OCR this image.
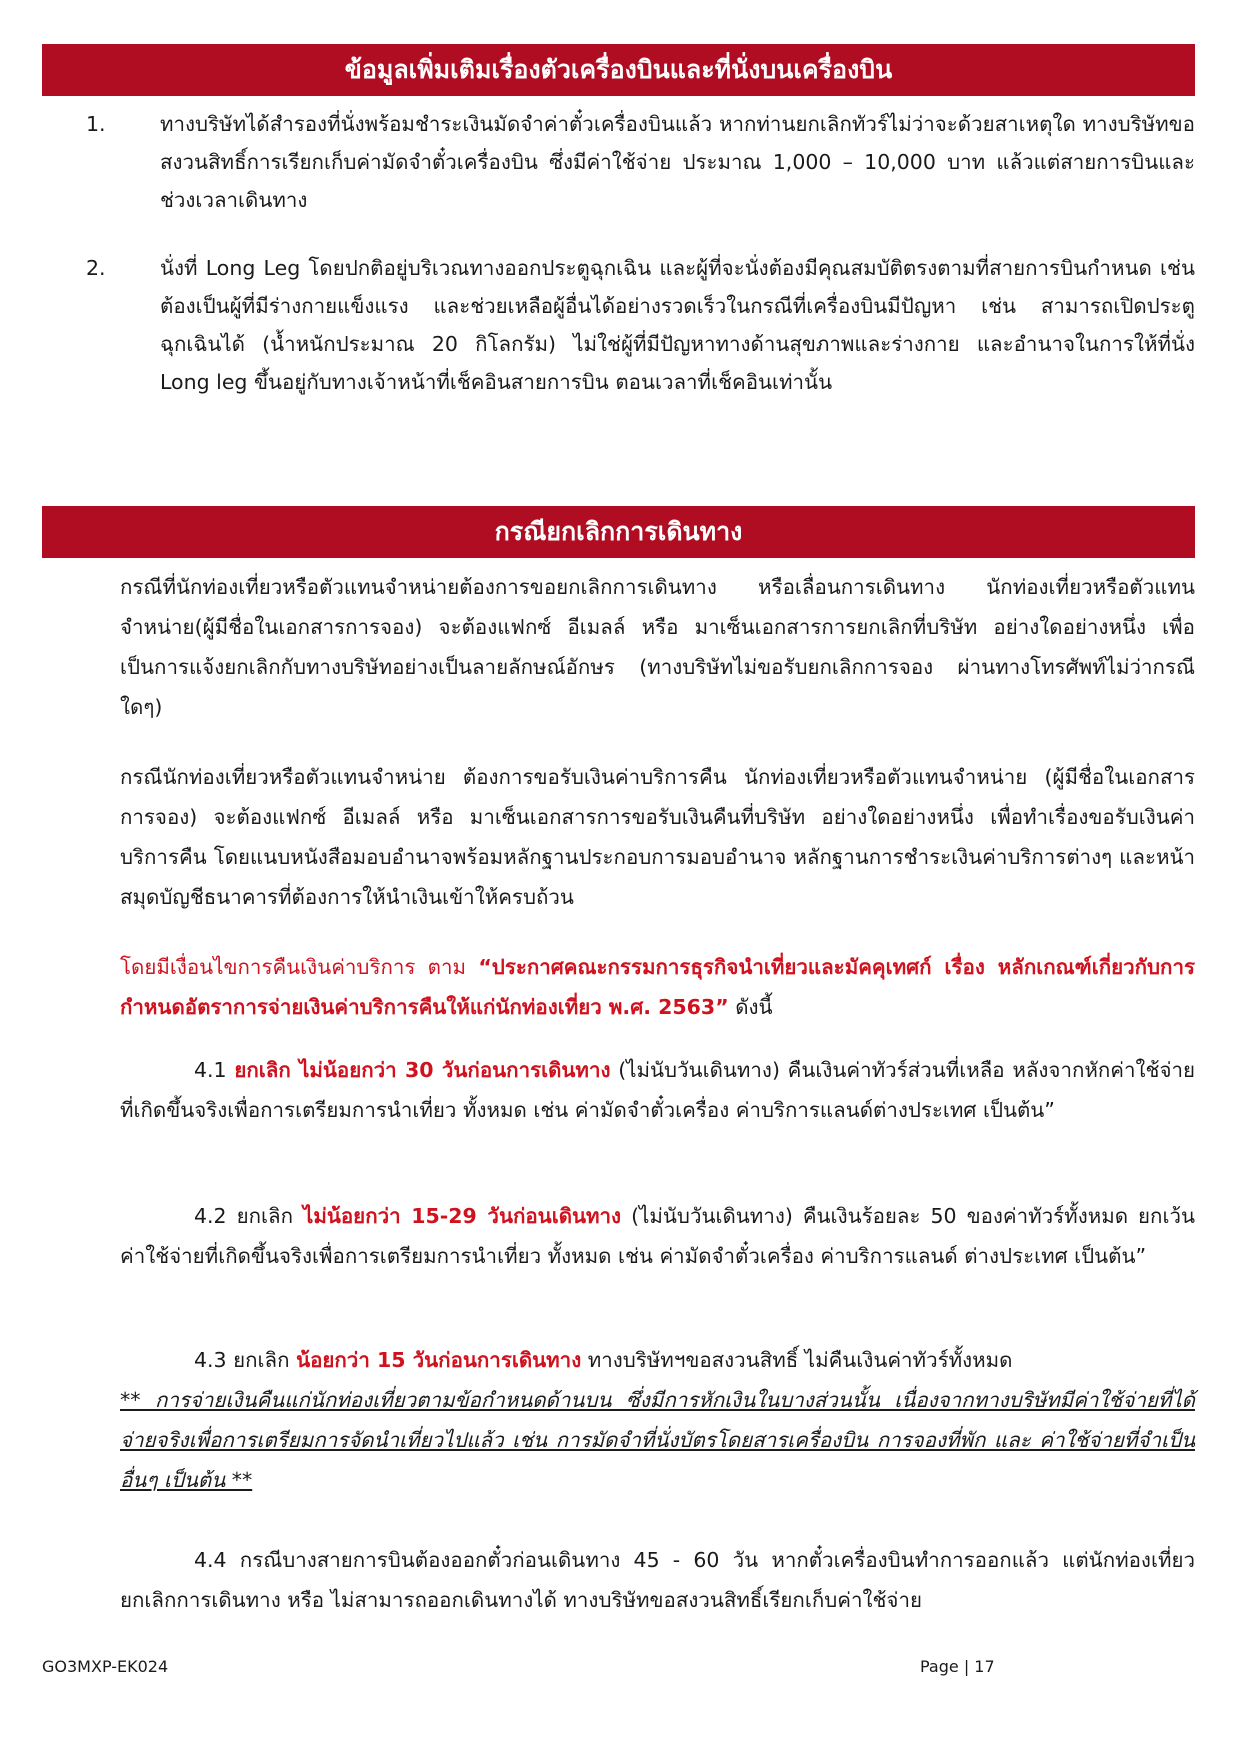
ข้อมูลเพิ่มเติมเรื่องตัวเครื่องบินและที่นั่งบนเครื่องบิน
1.	ทางบริษัทได้สำรองที่นั่งพร้อมชำระเงินมัดจำค่าตั๋วเครื่องบินแล้ว หากท่านยกเลิกทัวร์ไม่ว่าจะด้วยสาเหตุใด ทางบริษัทขอสงวนสิทธิ์การเรียกเก็บค่ามัดจำตั๋วเครื่องบิน ซึ่งมีค่าใช้จ่าย ประมาณ 1,000 – 10,000 บาท แล้วแต่สายการบินและช่วงเวลาเดินทาง
2.	นั่งที่ Long Leg โดยปกติอยู่บริเวณทางออกประตูฉุกเฉิน และผู้ที่จะนั่งต้องมีคุณสมบัติตรงตามที่สายการบินกำหนด เช่น ต้องเป็นผู้ที่มีร่างกายแข็งแรง และช่วยเหลือผู้อื่นได้อย่างรวดเร็วในกรณีที่เครื่องบินมีปัญหา เช่น สามารถเปิดประตูฉุกเฉินได้ (น้ำหนักประมาณ 20 กิโลกรัม) ไม่ใช่ผู้ที่มีปัญหาทางด้านสุขภาพและร่างกาย และอำนาจในการให้ที่นั่ง Long leg ขึ้นอยู่กับทางเจ้าหน้าที่เช็คอินสายการบิน ตอนเวลาที่เช็คอินเท่านั้น
กรณียกเลิกการเดินทาง
กรณีที่นักท่องเที่ยวหรือตัวแทนจำหน่ายต้องการขอยกเลิกการเดินทาง หรือเลื่อนการเดินทาง นักท่องเที่ยวหรือตัวแทนจำหน่าย(ผู้มีชื่อในเอกสารการจอง) จะต้องแฟกซ์ อีเมลล์ หรือ มาเซ็นเอกสารการยกเลิกที่บริษัท อย่างใดอย่างหนึ่ง เพื่อเป็นการแจ้งยกเลิกกับทางบริษัทอย่างเป็นลายลักษณ์อักษร (ทางบริษัทไม่ขอรับยกเลิกการจอง ผ่านทางโทรศัพท์ไม่ว่ากรณีใดๆ)
กรณีนักท่องเที่ยวหรือตัวแทนจำหน่าย ต้องการขอรับเงินค่าบริการคืน นักท่องเที่ยวหรือตัวแทนจำหน่าย (ผู้มีชื่อในเอกสารการจอง) จะต้องแฟกซ์ อีเมลล์ หรือ มาเซ็นเอกสารการขอรับเงินคืนที่บริษัท อย่างใดอย่างหนึ่ง เพื่อทำเรื่องขอรับเงินค่าบริการคืน โดยแนบหนังสือมอบอำนาจพร้อมหลักฐานประกอบการมอบอำนาจ หลักฐานการชำระเงินค่าบริการต่างๆ และหน้าสมุดบัญชีธนาคารที่ต้องการให้นำเงินเข้าให้ครบถ้วน
โดยมีเงื่อนไขการคืนเงินค่าบริการ ตาม “ประกาศคณะกรรมการธุรกิจนำเที่ยวและมัคคุเทศก์ เรื่อง หลักเกณฑ์เกี่ยวกับการกำหนดอัตราการจ่ายเงินค่าบริการคืนให้แก่นักท่องเที่ยว พ.ศ. 2563” ดังนี้
4.1 ยกเลิก ไม่น้อยกว่า 30 วันก่อนการเดินทาง (ไม่นับวันเดินทาง) คืนเงินค่าทัวร์ส่วนที่เหลือ หลังจากหักค่าใช้จ่ายที่เกิดขึ้นจริงเพื่อการเตรียมการนำเที่ยว ทั้งหมด เช่น ค่ามัดจำตั๋วเครื่อง ค่าบริการแลนด์ต่างประเทศ เป็นต้น”
4.2 ยกเลิก ไม่น้อยกว่า 15-29 วันก่อนเดินทาง (ไม่นับวันเดินทาง) คืนเงินร้อยละ 50 ของค่าทัวร์ทั้งหมด ยกเว้น ค่าใช้จ่ายที่เกิดขึ้นจริงเพื่อการเตรียมการนำเที่ยว ทั้งหมด เช่น ค่ามัดจำตั๋วเครื่อง ค่าบริการแลนด์ ต่างประเทศ เป็นต้น”
4.3 ยกเลิก น้อยกว่า 15 วันก่อนการเดินทาง ทางบริษัทฯขอสงวนสิทธิ์ ไม่คืนเงินค่าทัวร์ทั้งหมด
** การจ่ายเงินคืนแก่นักท่องเที่ยวตามข้อกำหนดด้านบน ซึ่งมีการหักเงินในบางส่วนนั้น เนื่องจากทางบริษัทมีค่าใช้จ่ายที่ได้จ่ายจริงเพื่อการเตรียมการจัดนำเที่ยวไปแล้ว เช่น การมัดจำที่นั่งบัตรโดยสารเครื่องบิน การจองที่พัก และ ค่าใช้จ่ายที่จำเป็นอื่นๆ เป็นต้น **
4.4 กรณีบางสายการบินต้องออกตั๋วก่อนเดินทาง 45 - 60 วัน หากตั๋วเครื่องบินทำการออกแล้ว แต่นักท่องเที่ยวยกเลิกการเดินทาง หรือ ไม่สามารถออกเดินทางได้ ทางบริษัทขอสงวนสิทธิ์เรียกเก็บค่าใช้จ่าย
GO3MXP-EK024	Page | 17
